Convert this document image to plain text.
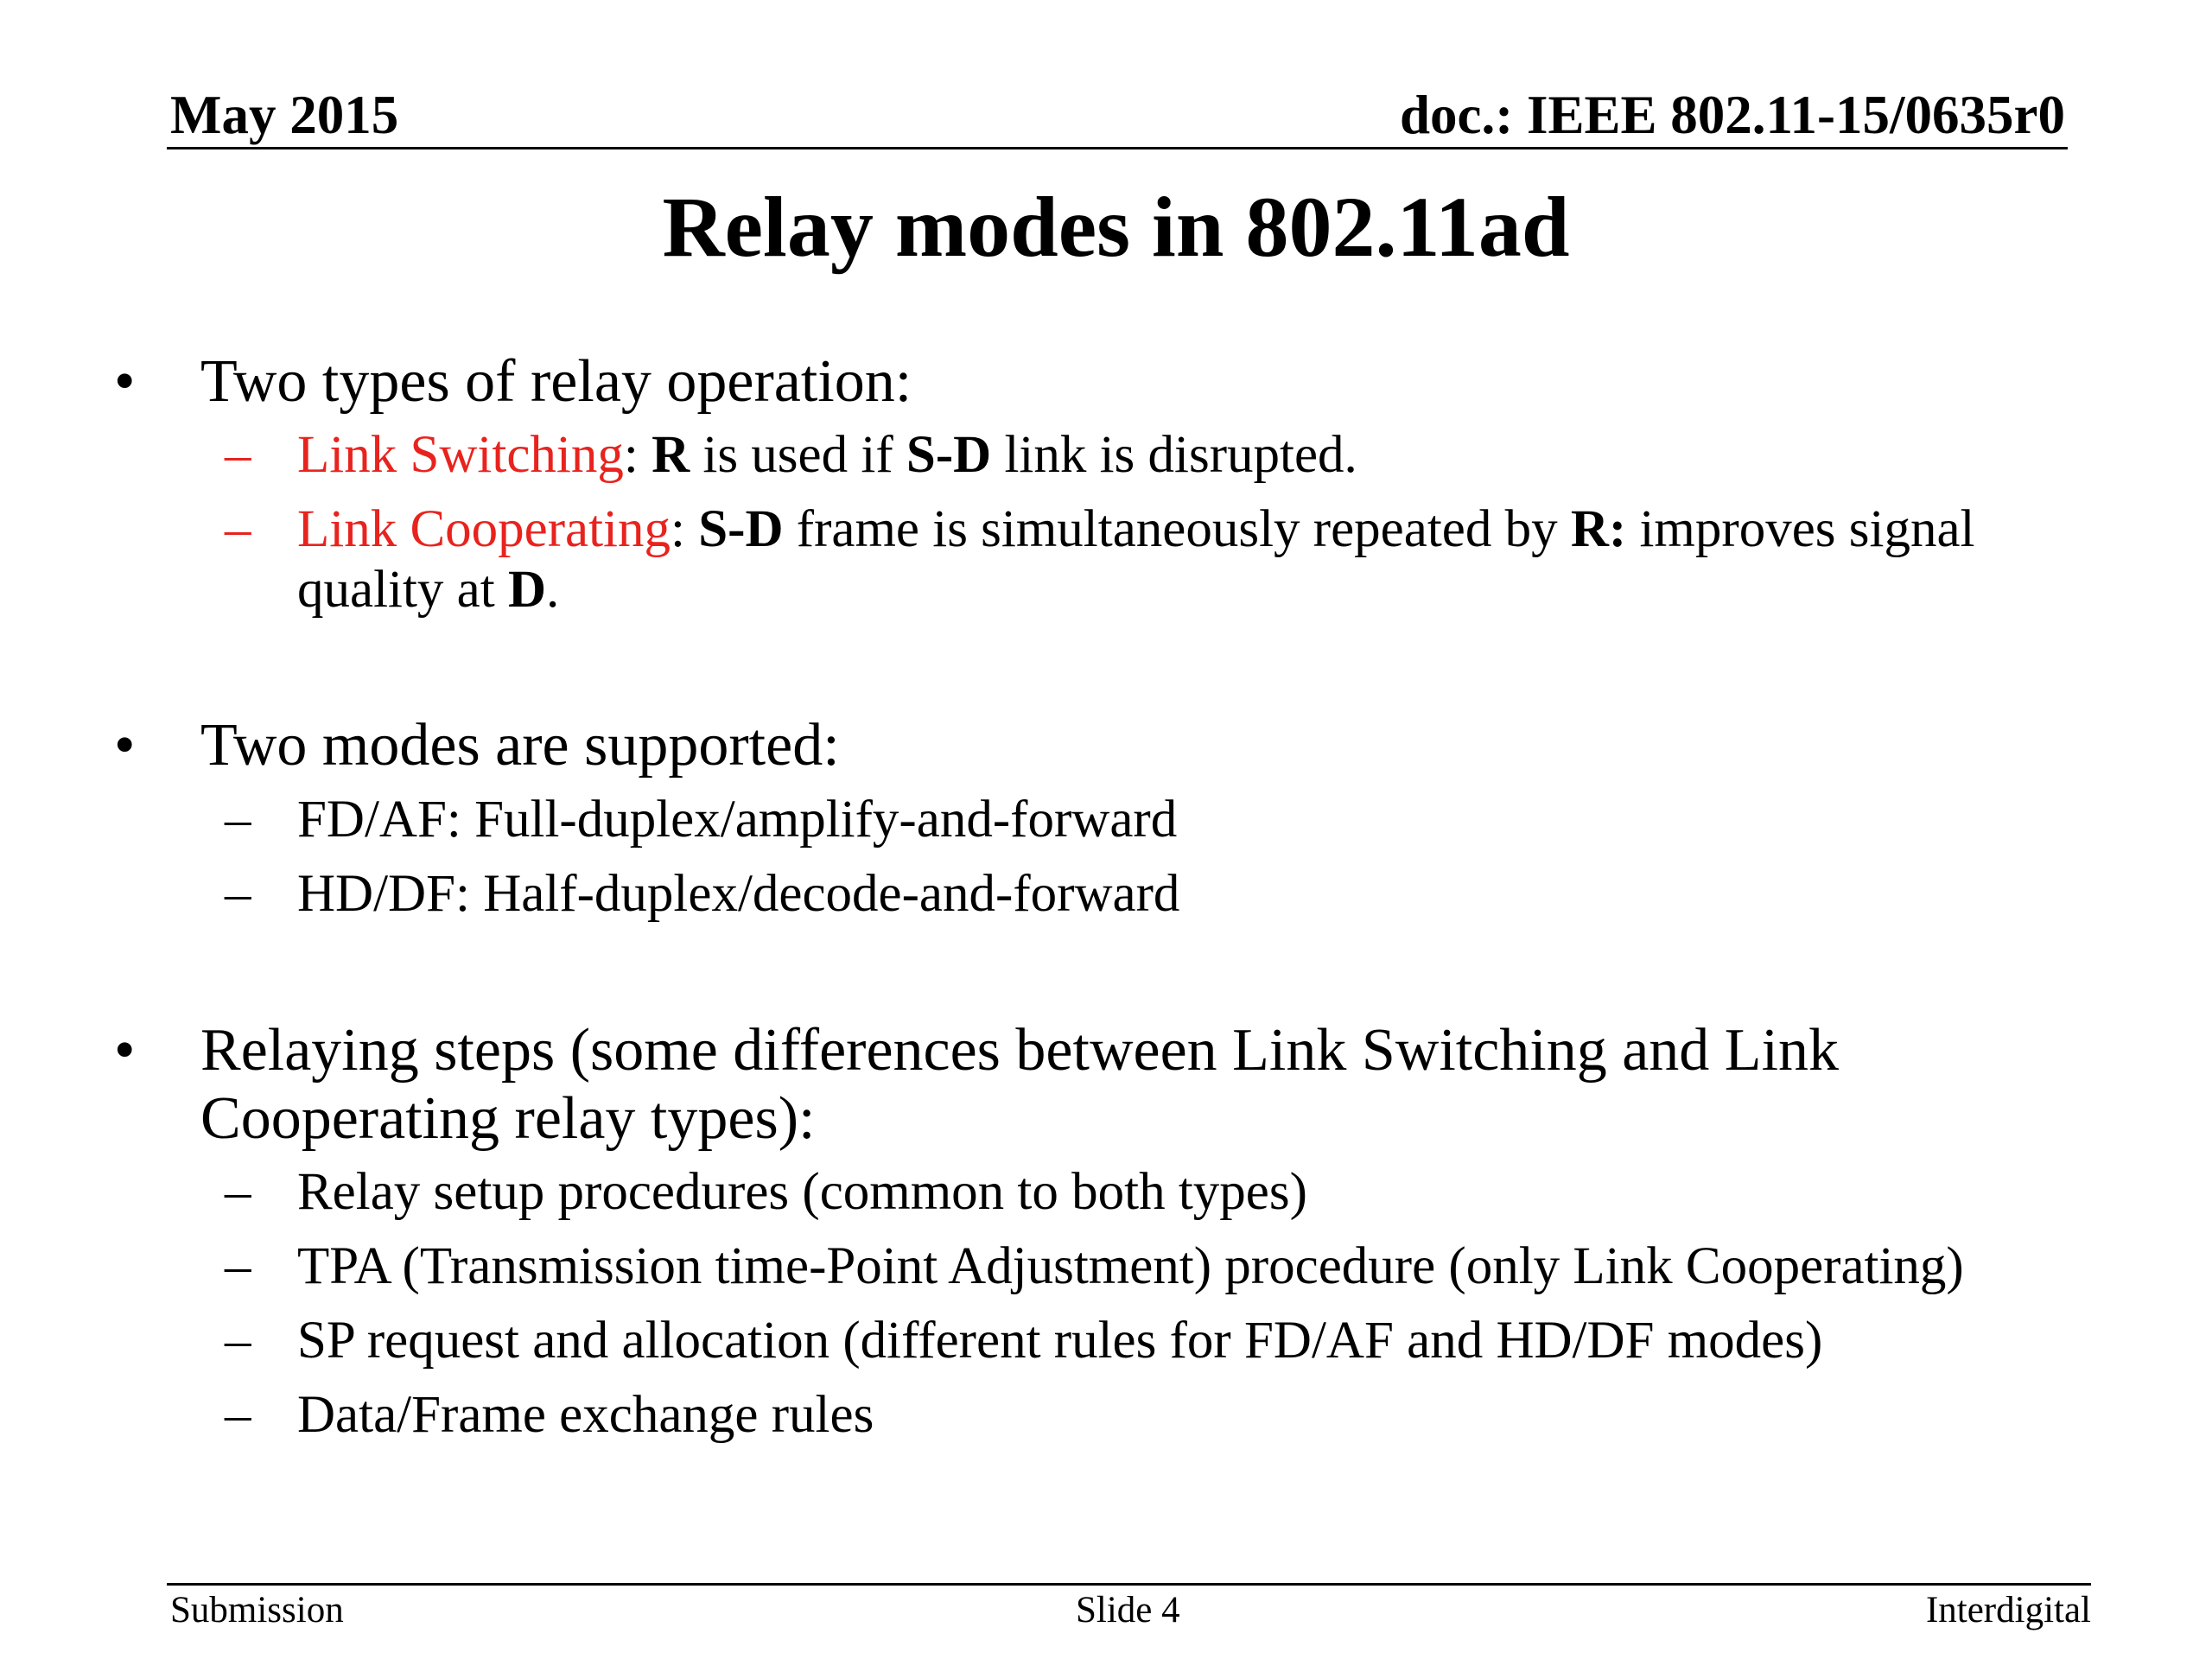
May 2015	doc.: IEEE 802.11-15/0635r0
Relay modes in 802.11ad
• Two types of relay operation:
– Link Switching: R is used if S-D link is disrupted.
– Link Cooperating: S-D frame is simultaneously repeated by R: improves signal
quality at D.
• Two modes are supported:
– FD/AF: Full-duplex/amplify-and-forward
– HD/DF: Half-duplex/decode-and-forward
• Relaying steps (some differences between Link Switching and Link
Cooperating relay types):
– Relay setup procedures (common to both types)
– TPA (Transmission time-Point Adjustment) procedure (only Link Cooperating)
– SP request and allocation (different rules for FD/AF and HD/DF modes)
– Data/Frame exchange rules
Submission	Slide 4	Interdigital
